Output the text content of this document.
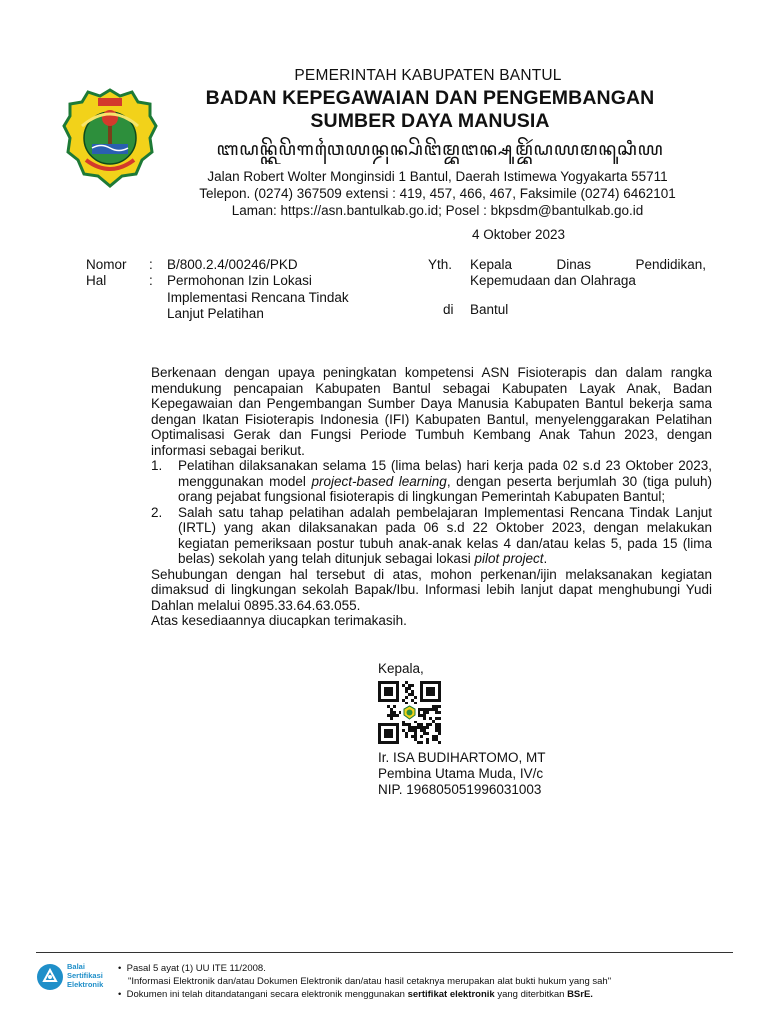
PEMERINTAH KABUPATEN BANTUL
BADAN KEPEGAWAIAN DAN PENGEMBANGAN
SUMBER DAYA MANUSIA
ꦧꦝꦤ꧀ꦏꦼꦥꦼꦒꦮꦻꦪꦤ꧀ꦝꦤ꧀ꦥꦼꦔꦼꦩ꧀ꦧꦔꦤ꧀ꦱꦸꦩ꧀ꦧꦼꦂꦝꦪꦩꦤꦸꦱꦶꦪ
Jalan Robert Wolter Monginsidi 1 Bantul, Daerah Istimewa Yogyakarta 55711
Telepon. (0274) 367509 extensi : 419, 457, 466, 467, Faksimile (0274) 6462101
Laman: https://asn.bantulkab.go.id; Posel : bkpsdm@bantulkab.go.id
4 Oktober 2023
Nomor : B/800.2.4/00246/PKD
Hal	: Permohonan Izin Lokasi
Implementasi Rencana Tindak
Lanjut Pelatihan
Yth. Kepala Dinas Pendidikan,
Kepemudaan dan Olahraga
di Bantul
Berkenaan dengan upaya peningkatan kompetensi ASN Fisioterapis dan dalam rangka mendukung pencapaian Kabupaten Bantul sebagai Kabupaten Layak Anak, Badan Kepegawaian dan Pengembangan Sumber Daya Manusia Kabupaten Bantul bekerja sama dengan Ikatan Fisioterapis Indonesia (IFI) Kabupaten Bantul, menyelenggarakan Pelatihan Optimalisasi Gerak dan Fungsi Periode Tumbuh Kembang Anak Tahun 2023, dengan informasi sebagai berikut.
1. Pelatihan dilaksanakan selama 15 (lima belas) hari kerja pada 02 s.d 23 Oktober 2023, menggunakan model project-based learning, dengan peserta berjumlah 30 (tiga puluh) orang pejabat fungsional fisioterapis di lingkungan Pemerintah Kabupaten Bantul;
2. Salah satu tahap pelatihan adalah pembelajaran Implementasi Rencana Tindak Lanjut (IRTL) yang akan dilaksanakan pada 06 s.d 22 Oktober 2023, dengan melakukan kegiatan pemeriksaan postur tubuh anak-anak kelas 4 dan/atau kelas 5, pada 15 (lima belas) sekolah yang telah ditunjuk sebagai lokasi pilot project.
Sehubungan dengan hal tersebut di atas, mohon perkenan/ijin melaksanakan kegiatan dimaksud di lingkungan sekolah Bapak/Ibu. Informasi lebih lanjut dapat menghubungi Yudi Dahlan melalui 0895.33.64.63.055.
Atas kesediaannya diucapkan terimakasih.
Kepala,
Ir. ISA BUDIHARTOMO, MT
Pembina Utama Muda, IV/c
NIP. 196805051996031003
Balai
Sertifikasi
Elektronik
•  Pasal 5 ayat (1) UU ITE 11/2008.
"Informasi Elektronik dan/atau Dokumen Elektronik dan/atau hasil cetaknya merupakan alat bukti hukum yang sah"
•  Dokumen ini telah ditandatangani secara elektronik menggunakan sertifikat elektronik yang diterbitkan BSrE.
